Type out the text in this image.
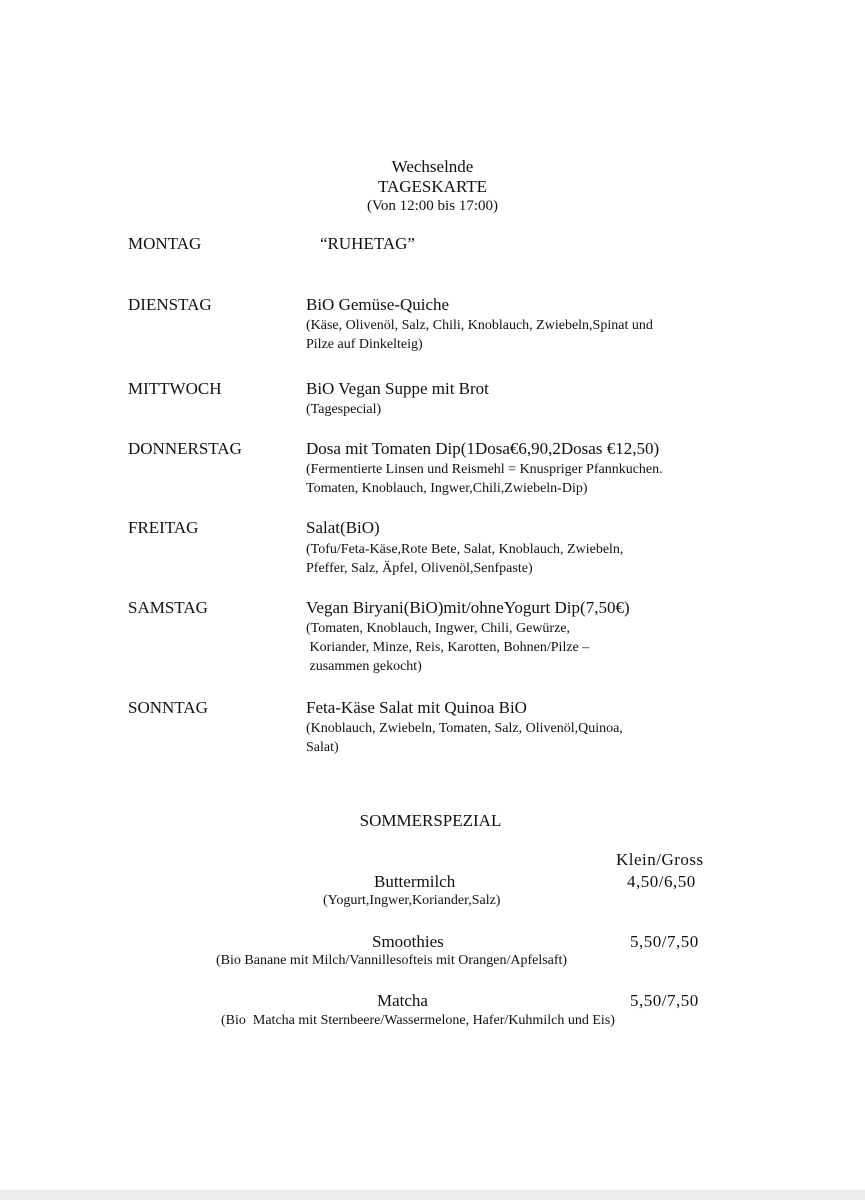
Wechselnde
TAGESKARTE
(Von 12:00 bis 17:00)
MONTAG	“RUHETAG”
DIENSTAG	BiO Gemüse-Quiche
(Käse, Olivenöl, Salz, Chili, Knoblauch, Zwiebeln,Spinat und
Pilze auf Dinkelteig)
MITTWOCH	BiO Vegan Suppe mit Brot
(Tagespecial)
DONNERSTAG	Dosa mit Tomaten Dip(1Dosa€6,90,2Dosas €12,50)
(Fermentierte Linsen und Reismehl = Knuspriger Pfannkuchen.
Tomaten, Knoblauch, Ingwer,Chili,Zwiebeln-Dip)
FREITAG	Salat(BiO)
(Tofu/Feta-Käse,Rote Bete, Salat, Knoblauch, Zwiebeln,
Pfeffer, Salz, Äpfel, Olivenöl,Senfpaste)
SAMSTAG	Vegan Biryani(BiO)mit/ohneYogurt Dip(7,50€)
(Tomaten, Knoblauch, Ingwer, Chili, Gewürze,
Koriander, Minze, Reis, Karotten, Bohnen/Pilze –
zusammen gekocht)
SONNTAG	Feta-Käse Salat mit Quinoa BiO
(Knoblauch, Zwiebeln, Tomaten, Salz, Olivenöl,Quinoa,
Salat)
SOMMERSPEZIAL
Klein/Gross
Buttermilch	4,50/6,50
(Yogurt,Ingwer,Koriander,Salz)
Smoothies	5,50/7,50
(Bio Banane mit Milch/Vannillesofteis mit Orangen/Apfelsaft)
Matcha	5,50/7,50
(Bio  Matcha mit Sternbeere/Wassermelone, Hafer/Kuhmilch und Eis)
